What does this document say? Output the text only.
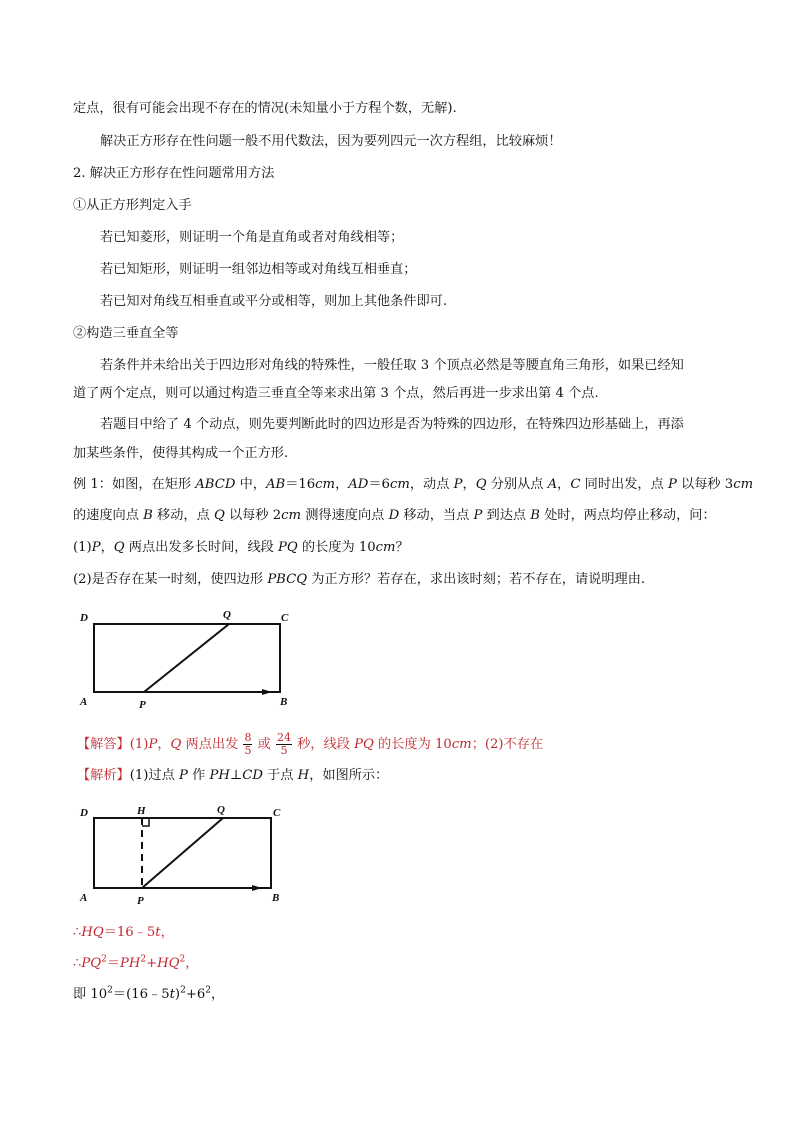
定点，很有可能会出现不存在的情况(未知量小于方程个数，无解).
解决正方形存在性问题一般不用代数法，因为要列四元一次方程组，比较麻烦！
2. 解决正方形存在性问题常用方法
①从正方形判定入手
若已知菱形，则证明一个角是直角或者对角线相等；
若已知矩形，则证明一组邻边相等或对角线互相垂直；
若已知对角线互相垂直或平分或相等，则加上其他条件即可.
②构造三垂直全等
若条件并未给出关于四边形对角线的特殊性，一般任取 3 个顶点必然是等腰直角三角形，如果已经知
道了两个定点，则可以通过构造三垂直全等来求出第 3 个点，然后再进一步求出第 4 个点.
若题目中给了 4 个动点，则先要判断此时的四边形是否为特殊的四边形，在特殊四边形基础上，再添
加某些条件，使得其构成一个正方形.
例 1：如图，在矩形 ABCD 中，AB＝16cm，AD＝6cm，动点 P，Q 分别从点 A，C 同时出发，点 P 以每秒 3cm
的速度向点 B 移动，点 Q 以每秒 2cm 测得速度向点 D 移动，当点 P 到达点 B 处时，两点均停止移动，问：
(1)P，Q 两点出发多长时间，线段 PQ 的长度为 10cm？
(2)是否存在某一时刻，使四边形 PBCQ 为正方形？若存在，求出该时刻；若不存在，请说明理由.
D	Q	C
A	P	B
【解答】(1)P，Q 两点出发 $\frac{8}{5}$ 或 $\frac{24}{5}$ 秒，线段 PQ 的长度为 10cm；(2)不存在
【解析】(1)过点 P 作 PH⊥CD 于点 H，如图所示：
D	H	Q	C
A	P	B
∴HQ＝16﹣5t，
$\therefore PQ^2=PH^2+HQ^2$，
即 $10^2=(16﹣5t)^2+6^2$，
